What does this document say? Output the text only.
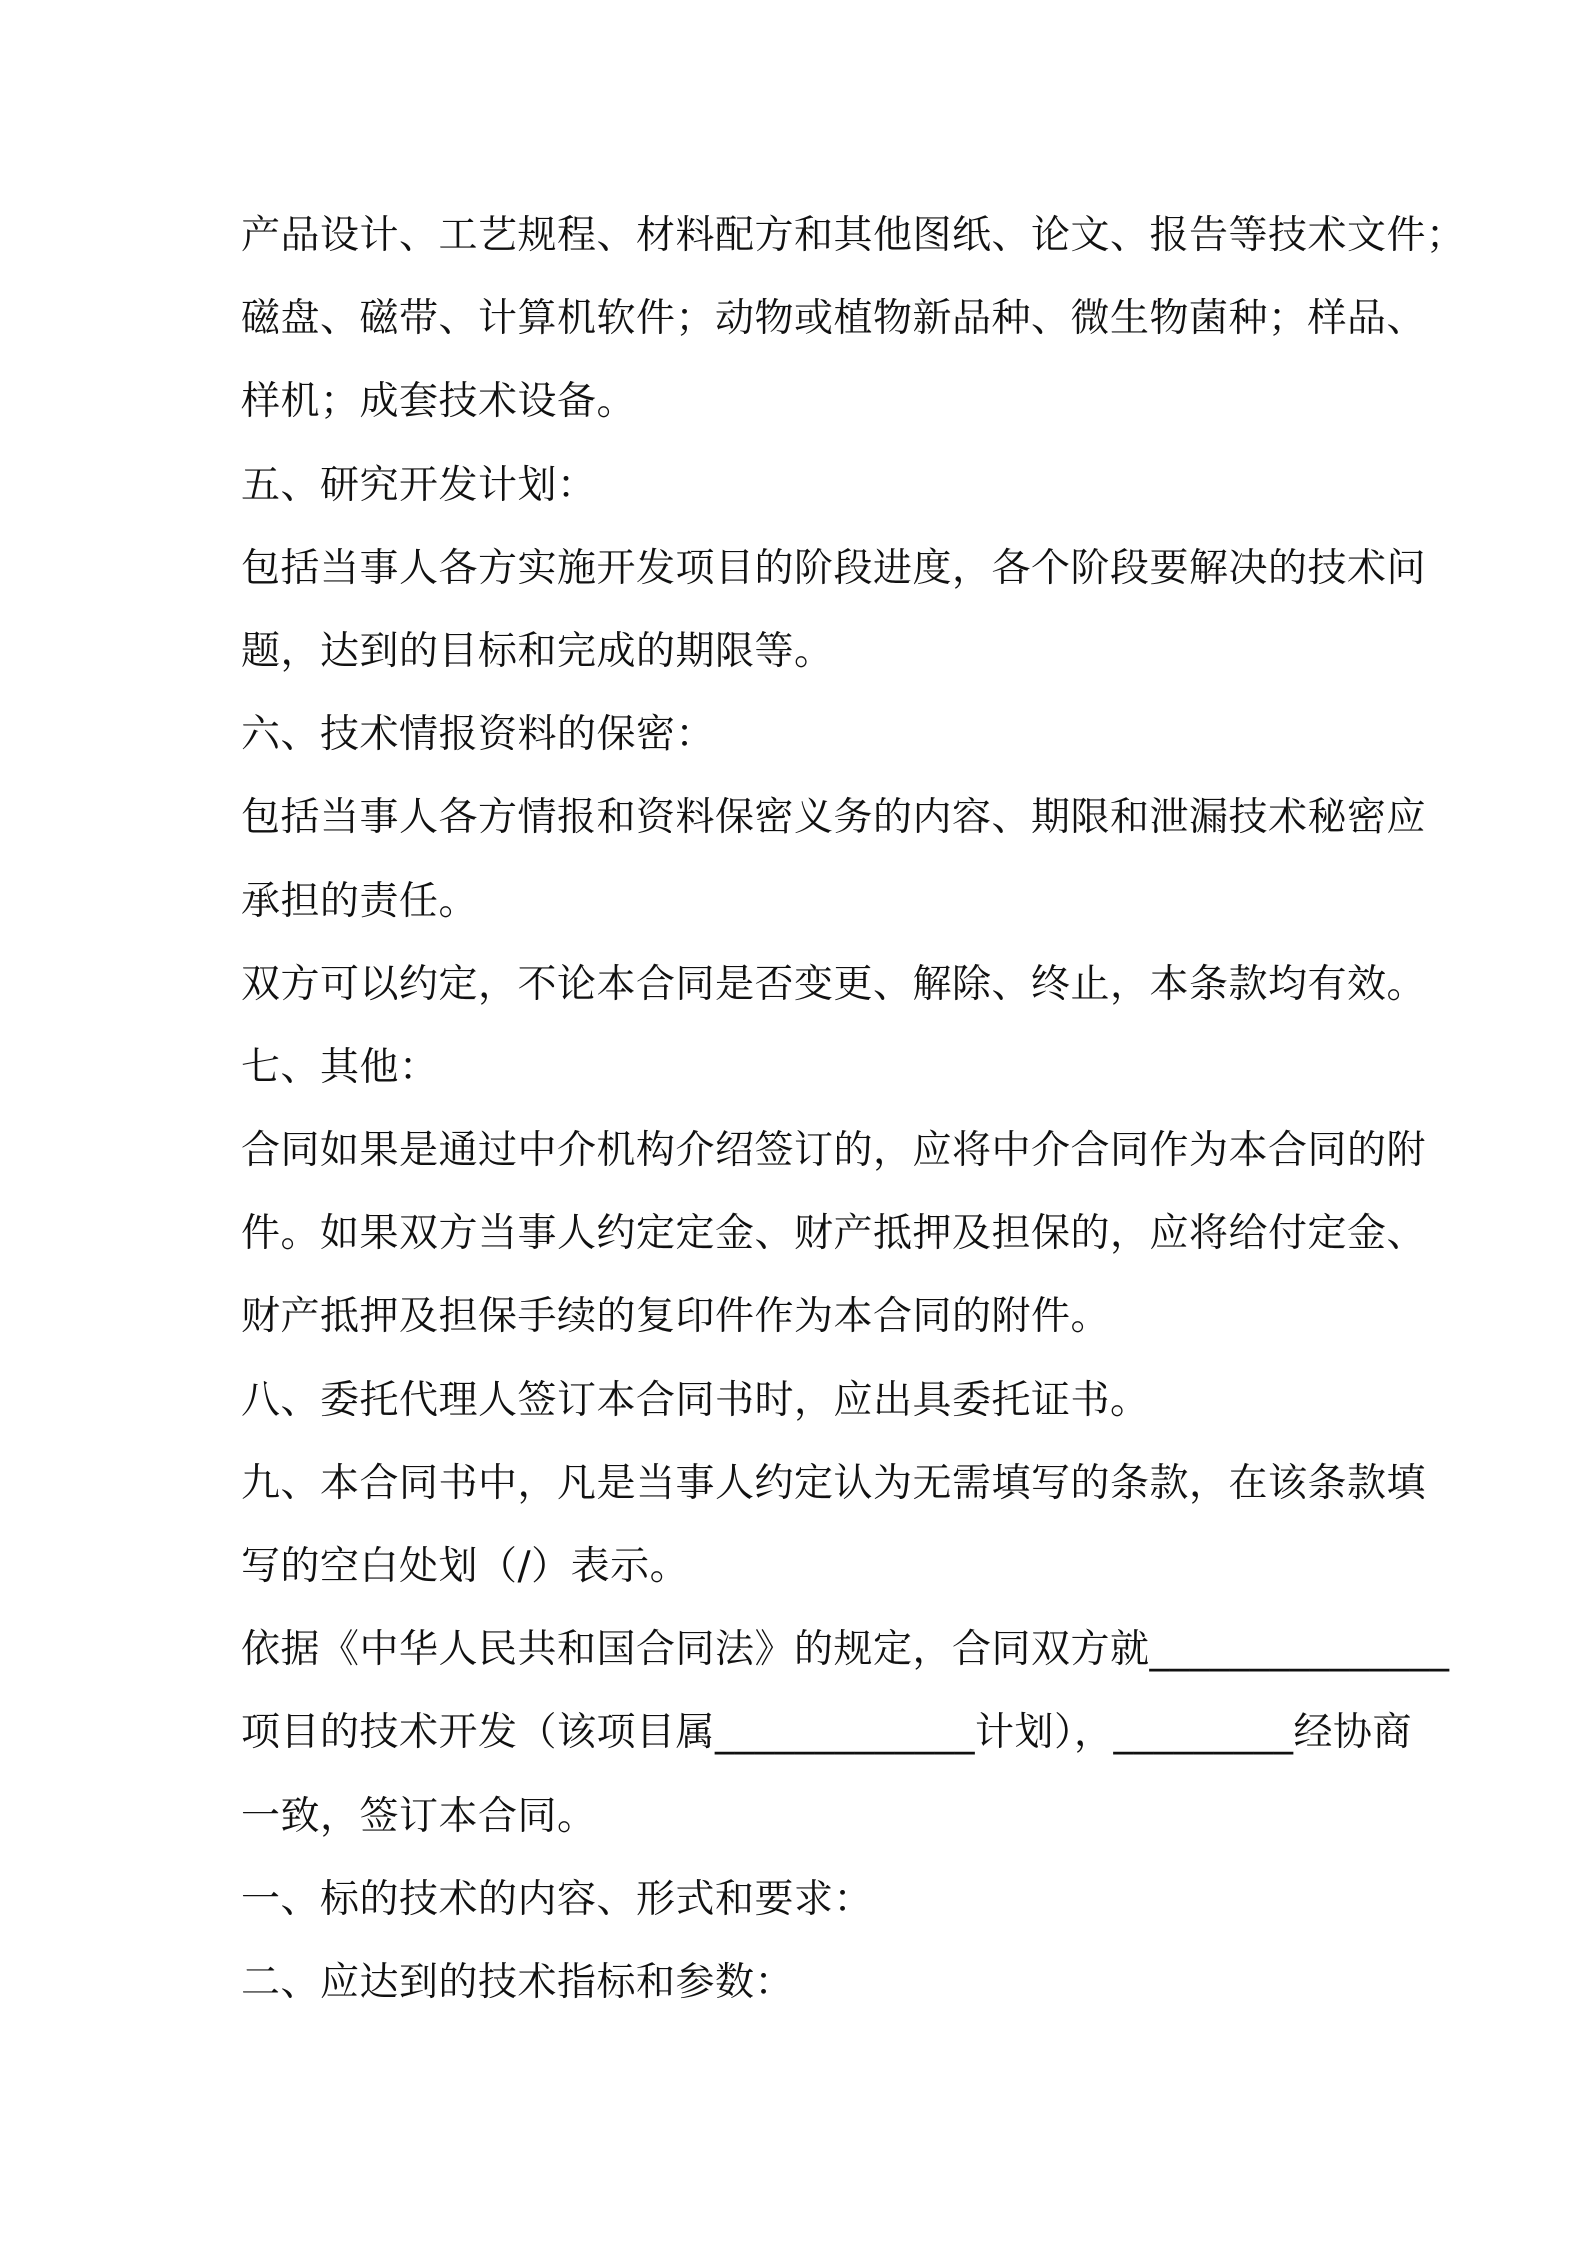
产品设计、工艺规程、材料配方和其他图纸、论文、报告等技术文件；
磁盘、磁带、计算机软件；动物或植物新品种、微生物菌种；样品、
样机；成套技术设备。
五、研究开发计划：
包括当事人各方实施开发项目的阶段进度，各个阶段要解决的技术问
题，达到的目标和完成的期限等。
六、技术情报资料的保密：
包括当事人各方情报和资料保密义务的内容、期限和泄漏技术秘密应
承担的责任。
双方可以约定，不论本合同是否变更、解除、终止，本条款均有效。
七、其他：
合同如果是通过中介机构介绍签订的，应将中介合同作为本合同的附
件。如果双方当事人约定定金、财产抵押及担保的，应将给付定金、
财产抵押及担保手续的复印件作为本合同的附件。
八、委托代理人签订本合同书时，应出具委托证书。
九、本合同书中，凡是当事人约定认为无需填写的条款，在该条款填
写的空白处划（/）表示。
依据《中华人民共和国合同法》的规定，合同双方就_______________
项目的技术开发（该项目属_____________计划），_________经协商
一致，签订本合同。
一、标的技术的内容、形式和要求：
二、应达到的技术指标和参数：
